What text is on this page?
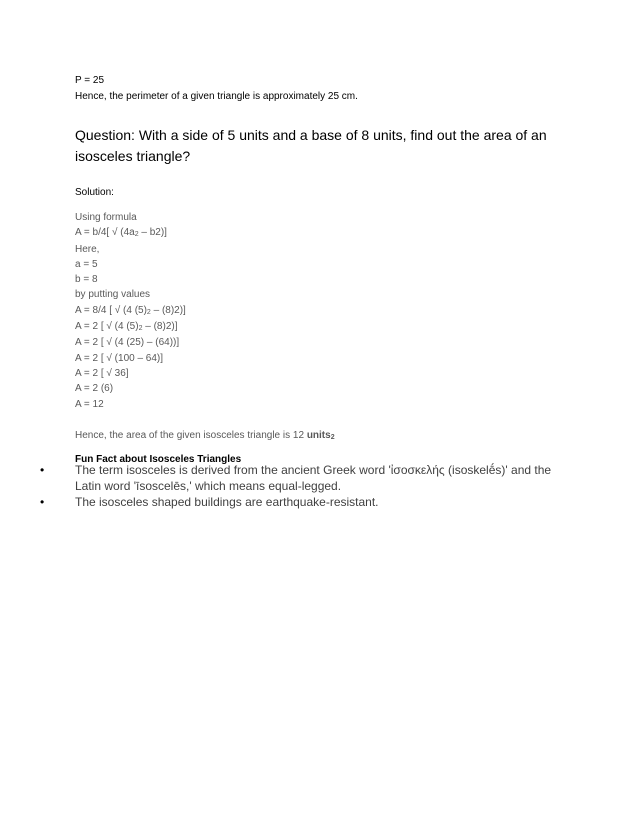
P = 25

Hence, the perimeter of a given triangle is approximately 25 cm.

Question: With a side of 5 units and a base of 8 units, find out the area of an isosceles triangle?

Solution:

Using formula
A = b/4[ √ $(4a_2 - b2)$]
Here,
a = 5
b = 8
by putting values
A = 8/4 [ √ (4 $(5)_2 - (8)2$)]
A = 2 [ √ (4 $(5)_2 - (8)2$)]
A = 2 [ √ (4 (25) – (64))]
A = 2 [ √ (100 – 64)]
A = 2 [ √ 36]
A = 2 (6)
A = 12

Hence, the area of the given isosceles triangle is 12 units$_2$

Fun Fact about Isosceles Triangles

•	The term isosceles is derived from the ancient Greek word 'ἰσοσκελής (isoskelḗs)' and the Latin word 'īsoscelēs,' which means equal-legged.
•	The isosceles shaped buildings are earthquake-resistant.
